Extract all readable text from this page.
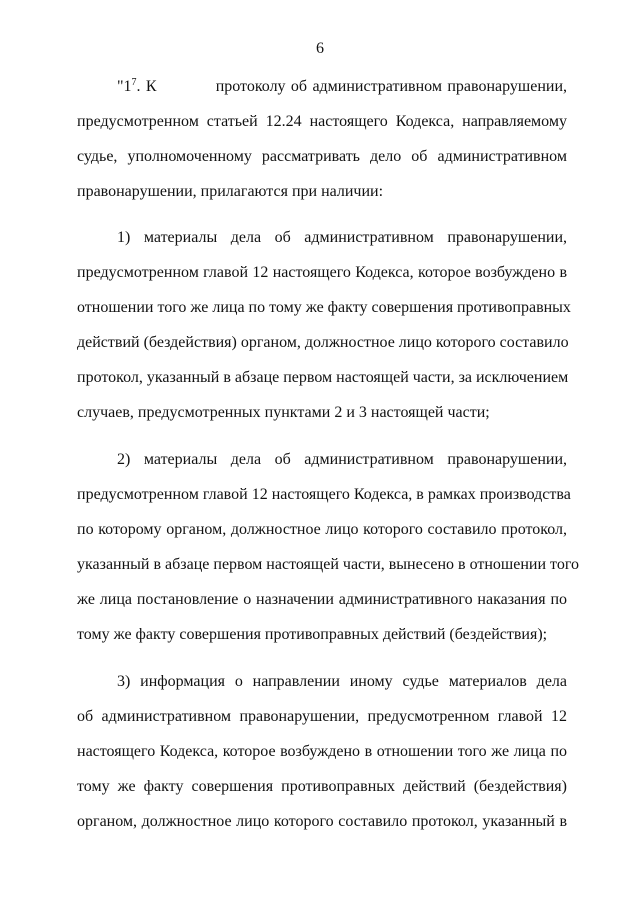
6
"$1^7$. К	протоколу об административном правонарушении,
предусмотренном статьей 12.24 настоящего Кодекса, направляемому
судье, уполномоченному рассматривать дело об административном
правонарушении, прилагаются при наличии:
1) материалы дела об административном правонарушении,
предусмотренном главой 12 настоящего Кодекса, которое возбуждено в
отношении того же лица по тому же факту совершения противоправных
действий (бездействия) органом, должностное лицо которого составило
протокол, указанный в абзаце первом настоящей части, за исключением
случаев, предусмотренных пунктами 2 и 3 настоящей части;
2) материалы дела об административном правонарушении,
предусмотренном главой 12 настоящего Кодекса, в рамках производства
по которому органом, должностное лицо которого составило протокол,
указанный в абзаце первом настоящей части, вынесено в отношении того
же лица постановление о назначении административного наказания по
тому же факту совершения противоправных действий (бездействия);
3) информация о направлении иному судье материалов дела
об административном правонарушении, предусмотренном главой 12
настоящего Кодекса, которое возбуждено в отношении того же лица по
тому же факту совершения противоправных действий (бездействия)
органом, должностное лицо которого составило протокол, указанный в
